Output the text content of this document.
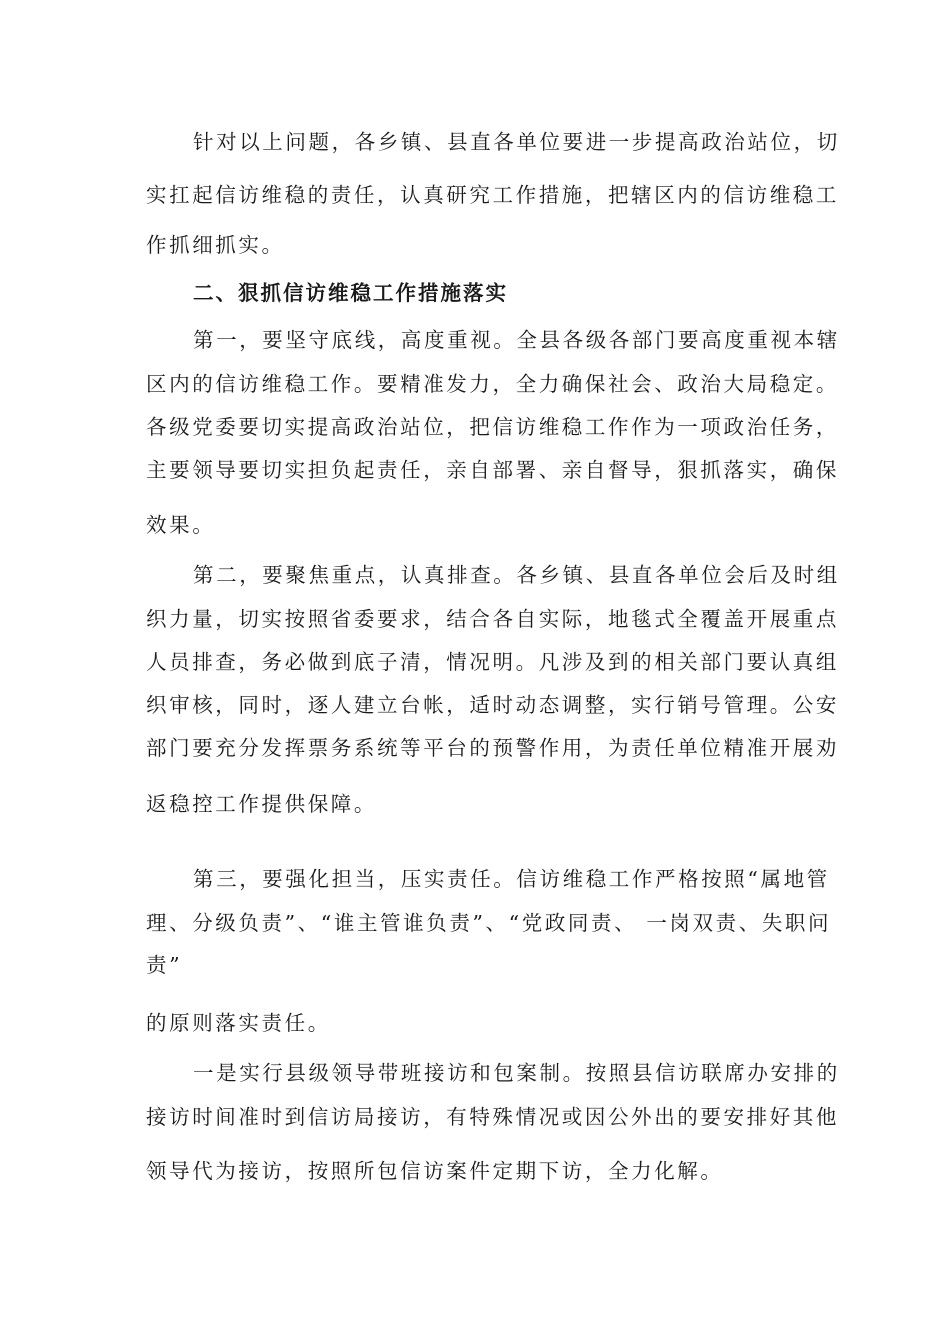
针对以上问题，各乡镇、县直各单位要进一步提高政治站位，切
实扛起信访维稳的责任，认真研究工作措施，把辖区内的信访维稳工
作抓细抓实。
二、狠抓信访维稳工作措施落实
第一，要坚守底线，高度重视。全县各级各部门要高度重视本辖
区内的信访维稳工作。要精准发力，全力确保社会、政治大局稳定。
各级党委要切实提高政治站位，把信访维稳工作作为一项政治任务，
主要领导要切实担负起责任，亲自部署、亲自督导，狠抓落实，确保
效果。
第二，要聚焦重点，认真排查。各乡镇、县直各单位会后及时组
织力量，切实按照省委要求，结合各自实际，地毯式全覆盖开展重点
人员排查，务必做到底子清，情况明。凡涉及到的相关部门要认真组
织审核，同时，逐人建立台帐，适时动态调整，实行销号管理。公安
部门要充分发挥票务系统等平台的预警作用，为责任单位精准开展劝
返稳控工作提供保障。
第三，要强化担当，压实责任。信访维稳工作严格按照“属地管
理、分级负责”、“谁主管谁负责”、“党政同责、 一岗双责、失职问
责”
的原则落实责任。
一是实行县级领导带班接访和包案制。按照县信访联席办安排的
接访时间准时到信访局接访，有特殊情况或因公外出的要安排好其他
领导代为接访，按照所包信访案件定期下访，全力化解。
